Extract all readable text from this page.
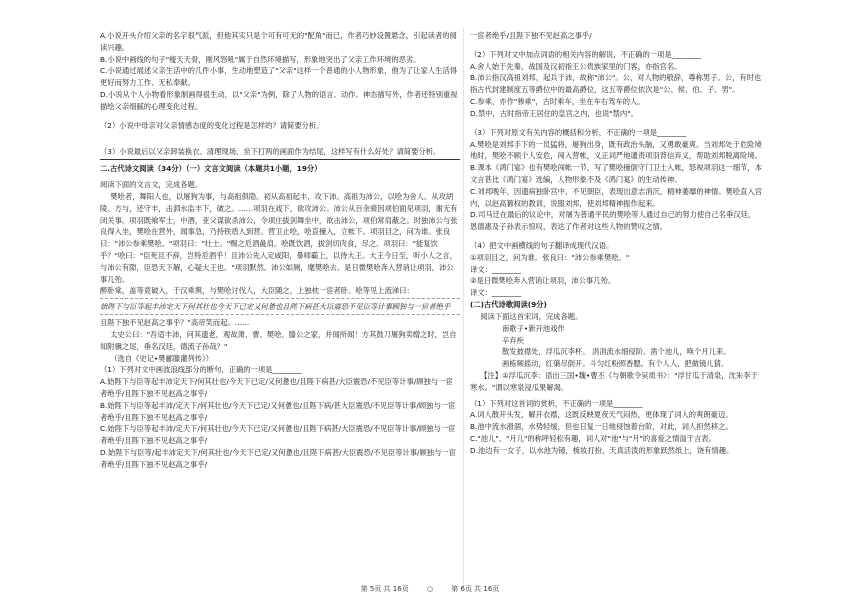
A.小说开头介绍父亲的名字很气派，但他其实只是个可有可无的"配角"而已，作者巧妙设置悬念，引起读者的阅读兴趣。

B.小说中画线的句子"瘦天天骨，刚风怒吼"属于自然环境描写，形象地突出了父亲工作环境的恶劣。

C.小说通过展述父亲生活中的几件小事，生动地塑造了"父亲"这样一个普通的小人物形象，他为了让家人生活得更好而努力工作、无私奉献。

D.小说从个人小物看形象制画得很生动，以"父亲"为例，除了人物的语言、动作、神态描写外，作者还特别重视描绘父亲细腻的心理变化过程。

（2）小说中母亲对父亲情感态度的变化过程是怎样的？请简要分析。

（3）小说最后以父亲卸装换衣、清理现场、坐下打两的画面作为结尾，这样写有什么好处？请简要分析。

二.古代诗文阅读（34分）（一）文言文阅读（本题共1小题，19分）

阅读下面的文言文，完成各题。

樊哙者，舞阳人也，以屠狗为事，与高祖俱隐。初从高祖起丰，攻下沛。高祖为沛公，以哙为舍人。从攻胡陵、方与，还守丰，击泗水监丰下，破之。……项羽在戏下，欲攻沛公。沛公从百余骑因项伯面见项羽，谢无有闭关事。项羽既飨军士，中酒，亚父谋欲杀沛公，令项庄拔剑舞坐中，欲击沛公，项伯常肩蔽之。时独沛公与张良得入坐，樊哙在营外，闻事急，乃持铁盾入到营。营卫止哙，哙直撞入，立帐下。项羽目之，问为谁。张良曰："沛公参乘樊哙。"项羽曰："壮士。"赐之卮酒彘肩。哙既饮酒，拔剑切肉食，尽之。项羽曰："能复饮乎？"哙曰："臣死且不辞，岂特卮酒乎！且沛公先入定咸阳，暴师霸上，以待大王。大王今日至，听小人之言，与沛公有隙，臣恐天下解，心疑大王也。"项羽默然。沛公如厕，麾樊哙去。是日微樊哙奔入营诮让项羽，沛公事几殆。

醉卧棠，盖等竟破入，于汉乘舆，与樊哙讨伐人，大臣随之，上独枕一宦者卧。哙等见上流涕曰：

始陛下与臣等起丰沛定天下何其壮也今天下已定又何惫也且陛下病甚大臣震恐不见臣等计事顾独与一宦者绝乎

且陛下独不见赵高之事乎？"高帝笑而起。……

太史公曰："吾适丰沛，问其遗老，观故萧、曹、樊哙、滕公之家，并闻所闻！方其鼓刀屠狗卖缯之时，岂自知附骥之尾，垂名汉廷，德流子孙哉？"

（选自《史记•樊郦滕灌列传》）

（1）下列对文中画波浪线部分的断句，正确的一项是________

A.始陛下与臣等起丰沛定天下/何其壮也/今天下已定/又何惫也/且陛下病甚/大臣震恐/不见臣等计事/顾独与一宦者绝乎/且陛下独不见赵高之事乎/

B.始陛下与臣等起丰沛/定天下/何其壮也/今天下已定/又何惫也/且陛下病/甚大臣震恐/不见臣等计事/顾独与一宦者绝乎/且陛下独不见赵高之事乎/

C.始陛下与臣等起丰沛/定天下/何其壮也/今天下已定/又何惫也/且陛下病甚/大臣震恐/不见臣等计事/顾独与一宦者绝乎/且陛下独不见赵高之事乎/

D.始陛下与臣等/起丰沛定天下/何其壮也/今天下已定/又何惫也/且陛下病甚/大臣震恐/不见臣等计事/顾独与一宦者绝乎/且陛下独不见赵高之事乎/

一宦者绝乎/且陛下独不见赵高之事乎/

（2）下列对文中加点词语的相关内容的解说，不正确的一项是________

A.舍人始于先秦，战国及汉初指王公贵族家里的门客，亦指官名。

B.沛公指汉高祖刘邦，起兵于沛，故称"沛公"。公，对人物的敬辞，尊称男子。公，有时也指古代封建制度五等爵位中的最高爵位，这五等爵位依次是"公、侯、伯、子、男"。

C.参乘，亦作"骖乘"，古时乘车，坐在车右驾车的人。

D.禁中，古时指帝王居住的皇宫之内，也说"禁内"。

（3）下列对原文有关内容的概括和分析，不正确的一项是________

A.樊哙是刘邦手下的一员猛将，屠狗出身，既有政治头脑，又勇敢豪爽。当刘邦处于危险境地时，樊哙不顾个人安危，闯入营帐，义正词严地谴责项羽背信弃义，帮助刘邦脱离险境。

B.课本《鸿门宴》也有樊哙闯帐一节，写了樊哙撞倒守门卫士入帐，怒视项羽这一细节，本文言甚比《鸿门宴》选编，人物形象不及《鸿门宴》的生动传神。

C.刘邦晚年，因遗病独卧宫中，不见朝臣，表现出意志消沉、精神萎靡的神情。樊哙直入宫内，以赵高篡权的教训，说服刘邦，使刘邦精神振作起来。

D.司马迁在最后的议论中，对屠为普通平民的樊哙等人通过自己的努力使自己名垂汉廷，恩德惠及子孙表示惊叹，表达了作者对这些人物的赞叹之情。

（4）把文中画横线的句子翻译成现代汉语。

①项羽目之，问为谁。张良曰："沛公参乘樊哙。"

译文：________

②是日微樊哙奔入营诮让项羽，沛公事几殆。

译文：________

(二)古代诗歌阅读(9分)

阅读下面这首宋词，完成各题。

南歌子•新开池戏作

辛弃疾

散发披襟处，浮瓜沉李杯。 涓涓流水细侵阶。凿个池儿，唤个月儿来。

画栋频摇动，红蕖尽倒开。斗匀红粉照香腮。有个人人，把做镜儿猜。

【注】①浮瓜沉李：语出三国•魏•曹丕《与朝歌令吴质书》："浮甘瓜于清泉，沈朱李于寒水。"谓以寒泉浸瓜果解渴。

（1）下列对这首词的赏析，不正确的一项是________

A.词人散开头发，解开衣襟，这既反映夏夜天气闷热，更体现了词人的爽朗豪迈。

B.池中流水滑涸，水势轻缓，但也日复一日地侵蚀着台阶，对此，词人担然移之。

C."池儿"、"月儿"的称呼轻松有趣，词人对"池"与"月"的喜爱之情溢于言表。

D.池边有一女子，以水池为镜，梳妆打扮，天真活泼的形象跃然纸上，饶有情趣。

第 5页 共 16页	○	第 6页 共 16页
